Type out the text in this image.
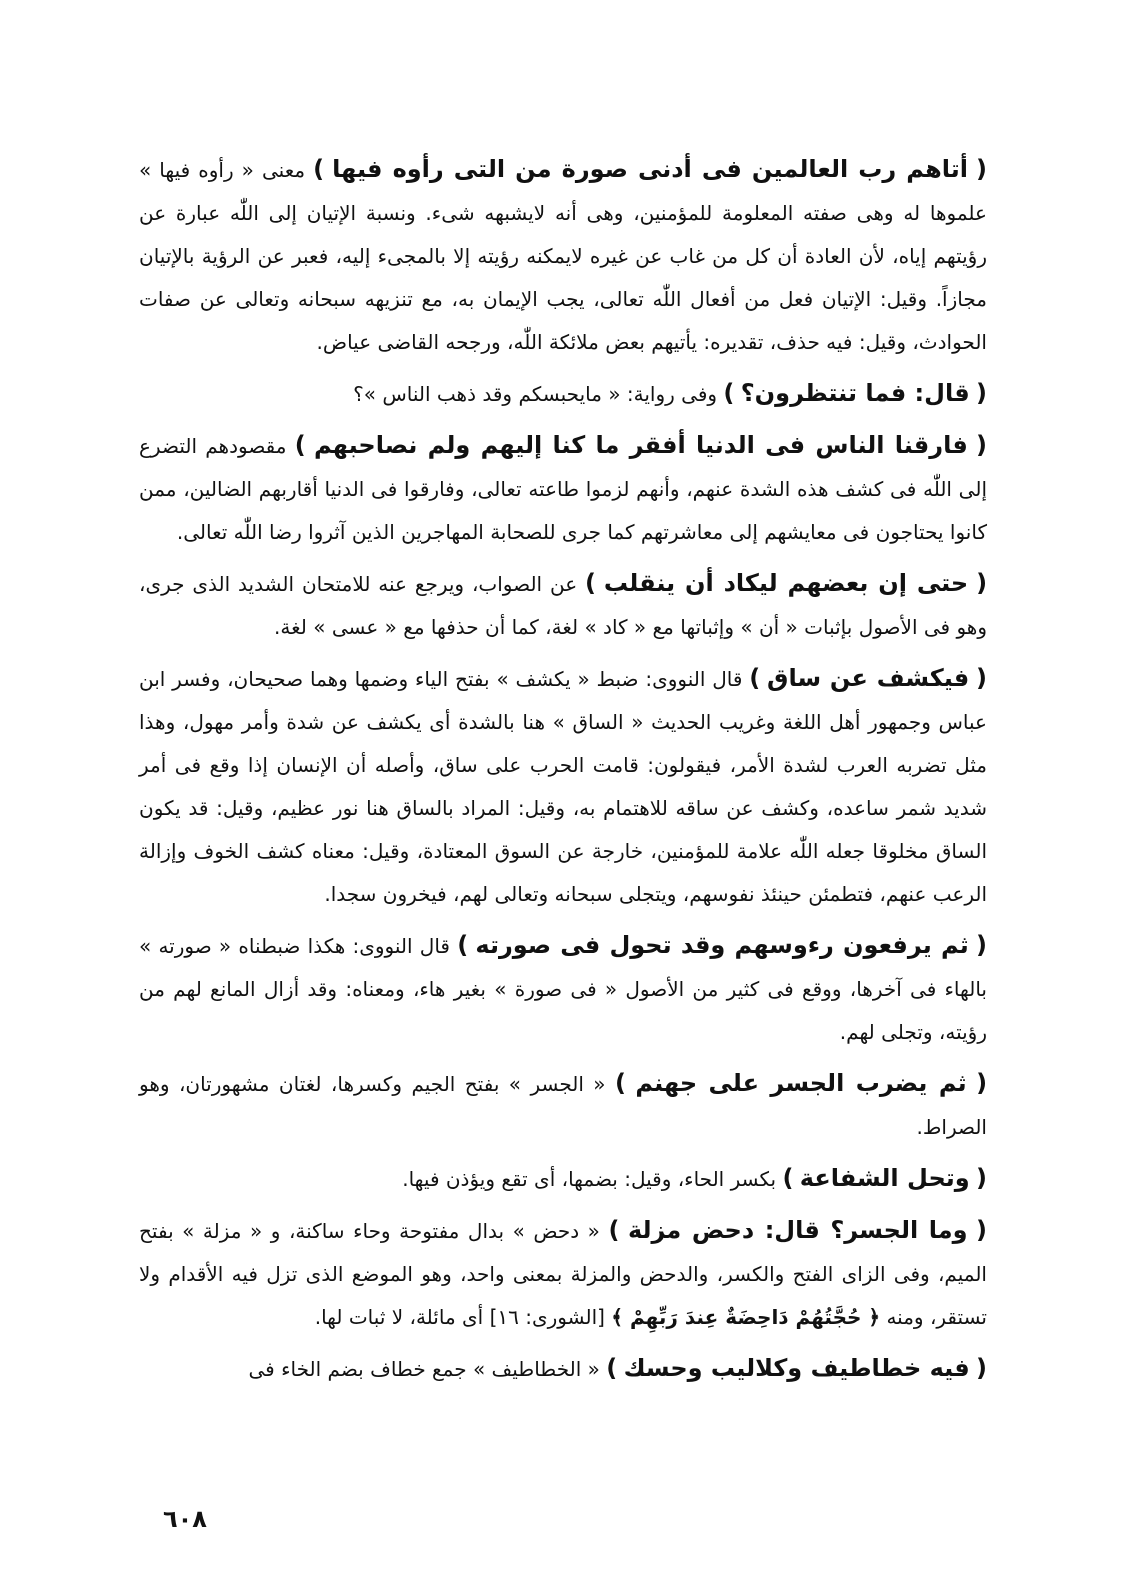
( أتاهم رب العالمين فى أدنى صورة من التى رأوه فيها ) معنى « رأوه فيها » علموها له وهى صفته المعلومة للمؤمنين، وهى أنه لايشبهه شىء. ونسبة الإتيان إلى اللّٰه عبارة عن رؤيتهم إياه، لأن العادة أن كل من غاب عن غيره لايمكنه رؤيته إلا بالمجىء إليه، فعبر عن الرؤية بالإتيان مجازاً. وقيل: الإتيان فعل من أفعال اللّٰه تعالى، يجب الإيمان به، مع تنزيهه سبحانه وتعالى عن صفات الحوادث، وقيل: فيه حذف، تقديره: يأتيهم بعض ملائكة اللّٰه، ورجحه القاضى عياض.

( قال: فما تنتظرون؟ ) وفى رواية: « مايحبسكم وقد ذهب الناس »؟

( فارقنا الناس فى الدنيا أفقر ما كنا إليهم ولم نصاحبهم ) مقصودهم التضرع إلى اللّٰه فى كشف هذه الشدة عنهم، وأنهم لزموا طاعته تعالى، وفارقوا فى الدنيا أقاربهم الضالين، ممن كانوا يحتاجون فى معايشهم إلى معاشرتهم كما جرى للصحابة المهاجرين الذين آثروا رضا اللّٰه تعالى.

( حتى إن بعضهم ليكاد أن ينقلب ) عن الصواب، ويرجع عنه للامتحان الشديد الذى جرى، وهو فى الأصول بإثبات « أن » وإثباتها مع « كاد » لغة، كما أن حذفها مع « عسى » لغة.

( فيكشف عن ساق ) قال النووى: ضبط « يكشف » بفتح الياء وضمها وهما صحيحان، وفسر ابن عباس وجمهور أهل اللغة وغريب الحديث « الساق » هنا بالشدة أى يكشف عن شدة وأمر مهول، وهذا مثل تضربه العرب لشدة الأمر، فيقولون: قامت الحرب على ساق، وأصله أن الإنسان إذا وقع فى أمر شديد شمر ساعده، وكشف عن ساقه للاهتمام به، وقيل: المراد بالساق هنا نور عظيم، وقيل: قد يكون الساق مخلوقا جعله اللّٰه علامة للمؤمنين، خارجة عن السوق المعتادة، وقيل: معناه كشف الخوف وإزالة الرعب عنهم، فتطمئن حينئذ نفوسهم، ويتجلى سبحانه وتعالى لهم، فيخرون سجدا.

( ثم يرفعون رءوسهم وقد تحول فى صورته ) قال النووى: هكذا ضبطناه « صورته » بالهاء فى آخرها، ووقع فى كثير من الأصول « فى صورة » بغير هاء، ومعناه: وقد أزال المانع لهم من رؤيته، وتجلى لهم.

( ثم يضرب الجسر على جهنم ) « الجسر » بفتح الجيم وكسرها، لغتان مشهورتان، وهو الصراط.

( وتحل الشفاعة ) بكسر الحاء، وقيل: بضمها، أى تقع ويؤذن فيها.

( وما الجسر؟ قال: دحض مزلة ) « دحض » بدال مفتوحة وحاء ساكنة، و « مزلة » بفتح الميم، وفى الزاى الفتح والكسر، والدحض والمزلة بمعنى واحد، وهو الموضع الذى تزل فيه الأقدام ولا تستقر، ومنه ﴿ حُجَّتُهُمْ دَاحِضَةٌ عِندَ رَبِّهِمْ ﴾ [الشورى: ١٦] أى مائلة، لا ثبات لها.

( فيه خطاطيف وكلاليب وحسك ) « الخطاطيف » جمع خطاف بضم الخاء فى

٦٠٨
